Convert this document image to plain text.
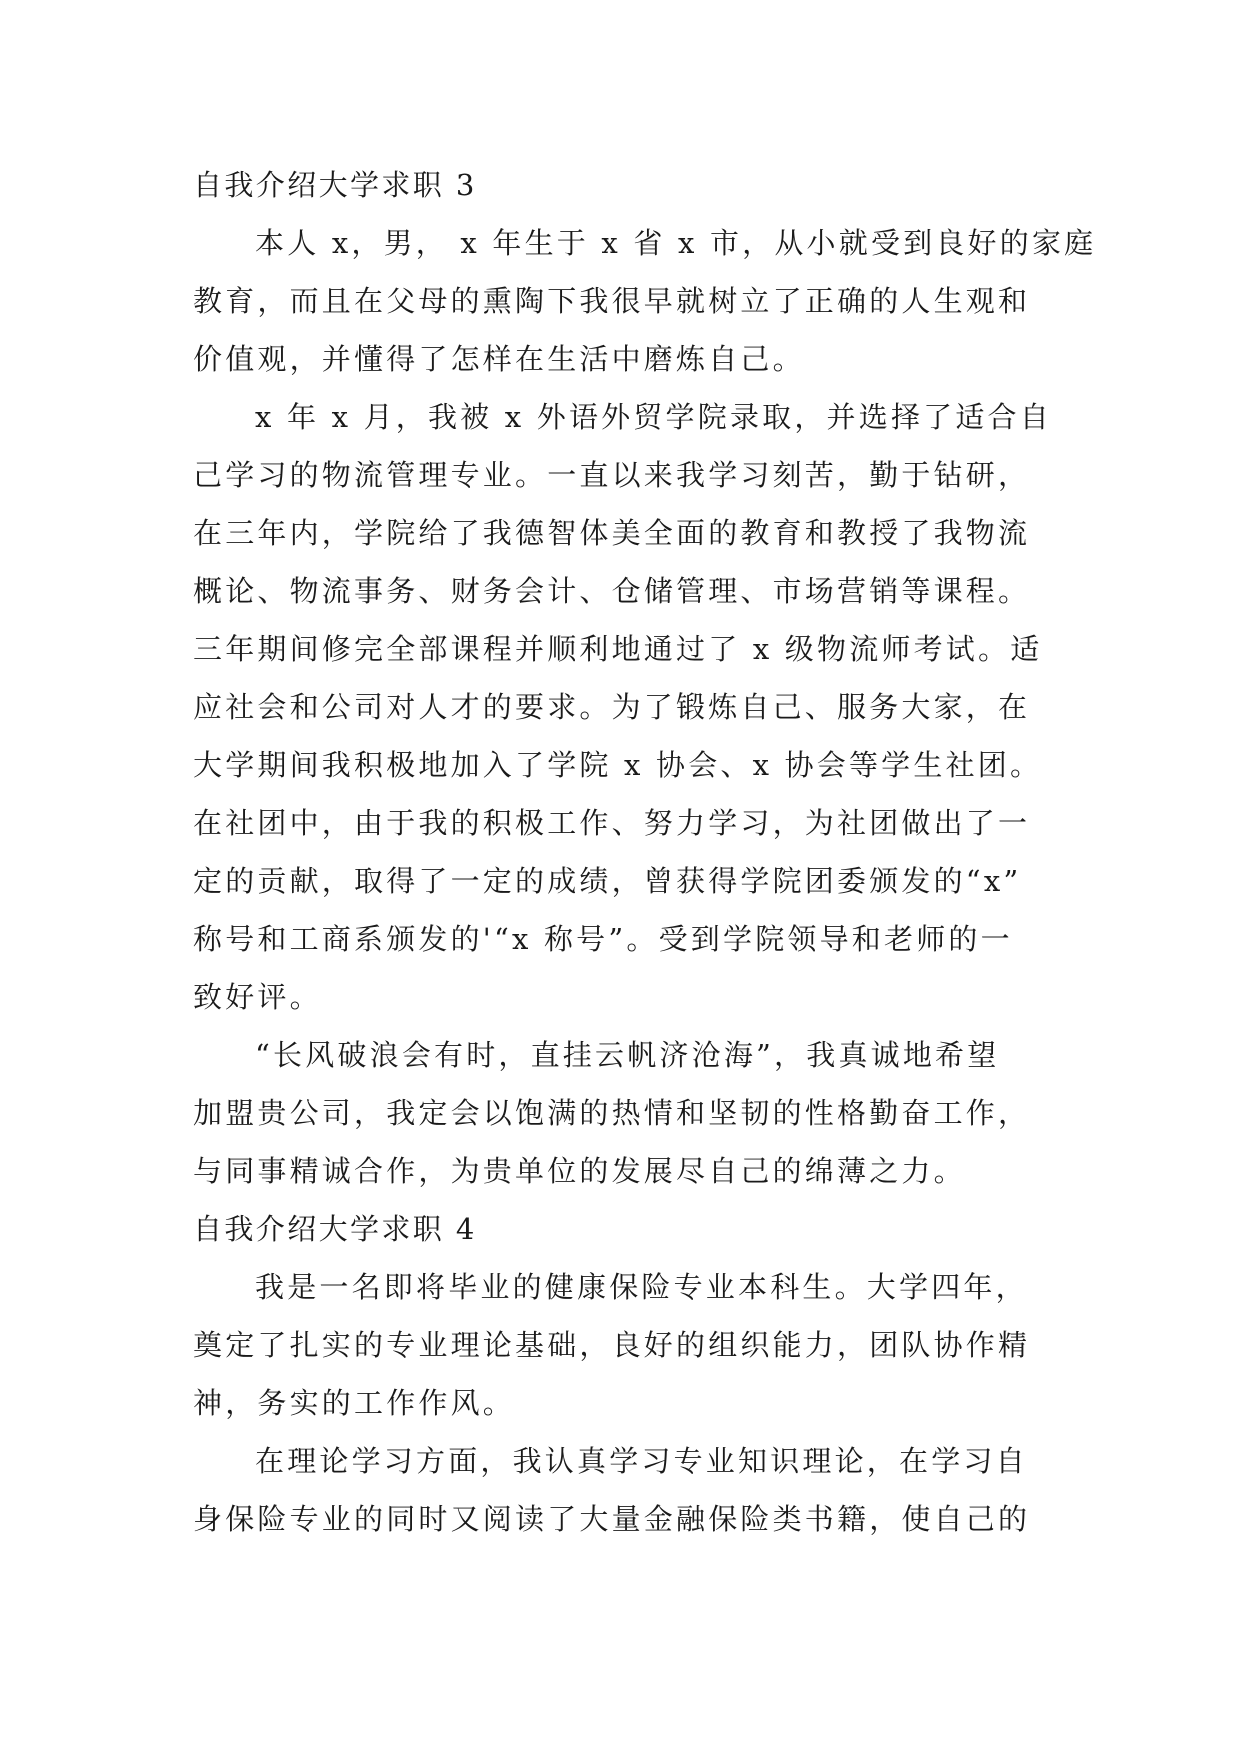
自我介绍大学求职 3
本人 x，男， x 年生于 x 省 x 市，从小就受到良好的家庭
教育，而且在父母的熏陶下我很早就树立了正确的人生观和
价值观，并懂得了怎样在生活中磨炼自己。
x 年 x 月，我被 x 外语外贸学院录取，并选择了适合自
己学习的物流管理专业。一直以来我学习刻苦，勤于钻研，
在三年内，学院给了我德智体美全面的教育和教授了我物流
概论、物流事务、财务会计、仓储管理、市场营销等课程。
三年期间修完全部课程并顺利地通过了 x 级物流师考试。适
应社会和公司对人才的要求。为了锻炼自己、服务大家，在
大学期间我积极地加入了学院 x 协会、x 协会等学生社团。
在社团中，由于我的积极工作、努力学习，为社团做出了一
定的贡献，取得了一定的成绩，曾获得学院团委颁发的“x”
称号和工商系颁发的'“x 称号”。受到学院领导和老师的一
致好评。
“长风破浪会有时，直挂云帆济沧海”，我真诚地希望
加盟贵公司，我定会以饱满的热情和坚韧的性格勤奋工作，
与同事精诚合作，为贵单位的发展尽自己的绵薄之力。
自我介绍大学求职 4
我是一名即将毕业的健康保险专业本科生。大学四年，
奠定了扎实的专业理论基础，良好的组织能力，团队协作精
神，务实的工作作风。
在理论学习方面，我认真学习专业知识理论，在学习自
身保险专业的同时又阅读了大量金融保险类书籍，使自己的
